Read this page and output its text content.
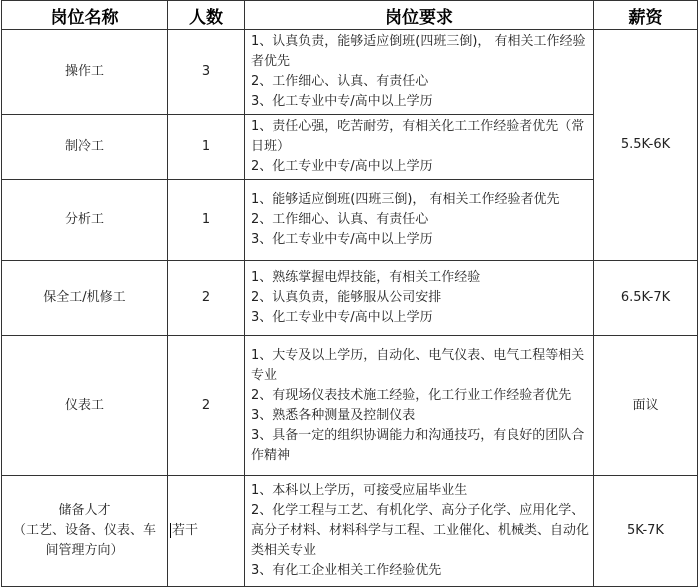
岗位名称	人数	岗位要求	薪资
操作工	3	1、认真负责，能够适应倒班(四班三倒)， 有相关工作经验者优先
2、工作细心、认真、有责任心
3、化工专业中专/高中以上学历	5.5K-6K
制冷工	1	1、责任心强，吃苦耐劳，有相关化工工作经验者优先（常日班）
2、化工专业中专/高中以上学历	

分析工	1	1、能够适应倒班(四班三倒)， 有相关工作经验者优先
2、工作细心、认真、有责任心
3、化工专业中专/高中以上学历	

保全工/机修工	2	1、熟练掌握电焊技能，有相关工作经验
2、认真负责，能够服从公司安排
3、化工专业中专/高中以上学历	6.5K-7K
仪表工	2	1、大专及以上学历，自动化、电气仪表、电气工程等相关专业
2、有现场仪表技术施工经验，化工行业工作经验者优先
3、熟悉各种测量及控制仪表
3、具备一定的组织协调能力和沟通技巧，有良好的团队合作精神	面议

储备人才
（工艺、设备、仪表、车间管理方向）	若干	1、本科以上学历，可接受应届毕业生
2、化学工程与工艺、有机化学、高分子化学、应用化学、高分子材料、材料科学与工程、工业催化、机械类、自动化类相关专业
3、有化工企业相关工作经验优先	5K-7K
